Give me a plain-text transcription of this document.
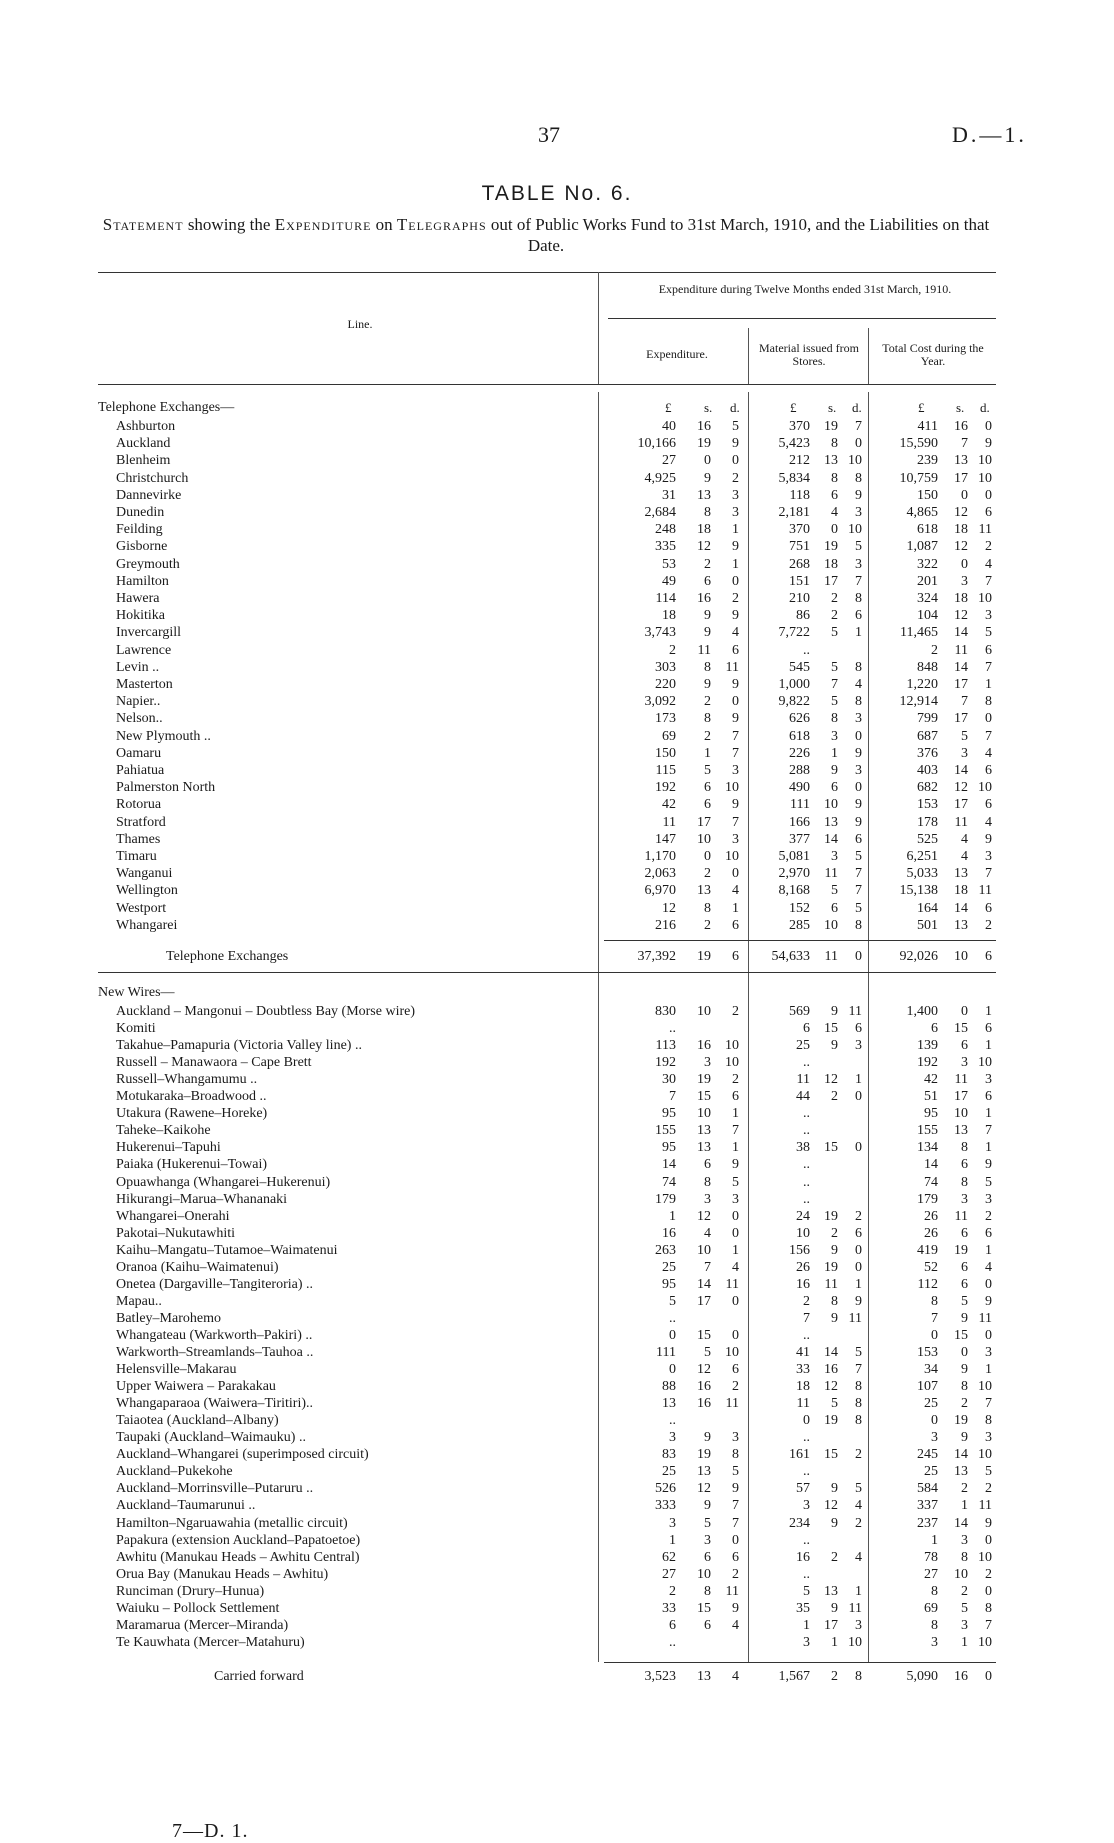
37	D.—1.
TABLE No. 6.
Statement showing the Expenditure on Telegraphs out of Public Works Fund to 31st March, 1910, and the Liabilities on that Date.
Line.
Expenditure during Twelve Months ended 31st March, 1910.
Expenditure.	Material issued from Stores.
Total Cost during the Year.
£	s. d.	£ s. d.	£ s. d.
Telephone Exchanges—
Ashburton	40	16	5	370	19	7	411	16	0
Auckland	10,166	19	9	5,423	8	0	15,590	7	9
Blenheim	27	0	0	212	13 10	239	13 10
Christchurch	4,925	9	2	5,834	8	8	10,759	17 10
Dannevirke	31	13	3	118	6	9	150	0	0
Dunedin	2,684	8	3	2,181	4	3	4,865	12	6
Feilding	248	18	1	370	0 10	618	18 11
Gisborne	335	12	9	751	19	5	1,087	12	2
Greymouth	53	2	1	268	18	3	322	0	4
Hamilton	49	6	0	151	17	7	201	3	7
Hawera	114	16	2	210	2	8	324	18 10
Hokitika	18	9	9	86	2	6	104	12	3
Invercargill	3,743	9	4	7,722	5	1	11,465	14	5
Lawrence	2	11	6	..	2	11	6
Levin ..	303	8	11	545	5	8	848	14	7
Masterton	220	9	9	1,000	7	4	1,220	17	1
Napier..	3,092	2	0	9,822	5	8	12,914	7	8
Nelson..	173	8	9	626	8	3	799	17	0
New Plymouth ..	69	2	7	618	3	0	687	5	7
Oamaru	150	1	7	226	1	9	376	3	4
Pahiatua	115	5	3	288	9	3	403	14	6
Palmerston North	192	6	10	490	6	0	682	12 10
Rotorua	42	6	9	111	10	9	153	17	6
Stratford	11	17	7	166	13	9	178	11	4
Thames	147	10	3	377	14	6	525	4	9
Timaru	1,170	0	10	5,081	3	5	6,251	4	3
Wanganui	2,063	2	0	2,970	11	7	5,033	13	7
Wellington	6,970	13	4	8,168	5	7	15,138	18 11
Westport	12	8	1	152	6	5	164	14	6
Whangarei	216	2	6	285	10	8	501	13	2
Telephone Exchanges	37,392	19	6	54,633	11	0	92,026	10	6
New Wires—
Auckland – Mangonui – Doubtless Bay (Morse wire)	830	10	2	569	9 11	1,400	0	1
Komiti	..	6	15	6	6	15	6
Takahue–Pamapuria (Victoria Valley line) ..	113	16	10	25	9	3	139	6	1
Russell – Manawaora – Cape Brett	192	3	10	..	192	3 10
Russell–Whangamumu ..	30	19	2	11	12	1	42	11	3
Motukaraka–Broadwood ..	7	15	6	44	2	0	51	17	6
Utakura (Rawene–Horeke)	95	10	1	..	95	10	1
Taheke–Kaikohe	155	13	7	..	155	13	7
Hukerenui–Tapuhi	95	13	1	38	15	0	134	8	1
Paiaka (Hukerenui–Towai)	14	6	9	..	14	6	9
Opuawhanga (Whangarei–Hukerenui)	74	8	5	..	74	8	5
Hikurangi–Marua–Whananaki	179	3	3	..	179	3	3
Whangarei–Onerahi	1	12	0	24	19	2	26	11	2
Pakotai–Nukutawhiti	16	4	0	10	2	6	26	6	6
Kaihu–Mangatu–Tutamoe–Waimatenui	263	10	1	156	9	0	419	19	1
Oranoa (Kaihu–Waimatenui)	25	7	4	26	19	0	52	6	4
Onetea (Dargaville–Tangiteroria) ..	95	14	11	16	11	1	112	6	0
Mapau..	5	17	0	2	8	9	8	5	9
Batley–Marohemo	..	7	9 11	7	9 11
Whangateau (Warkworth–Pakiri) ..	0	15	0	..	0	15	0
Warkworth–Streamlands–Tauhoa ..	111	5	10	41	14	5	153	0	3
Helensville–Makarau	0	12	6	33	16	7	34	9	1
Upper Waiwera – Parakakau	88	16	2	18	12	8	107	8 10
Whangaparaoa (Waiwera–Tiritiri)..	13	16	11	11	5	8	25	2	7
Taiaotea (Auckland–Albany)	..	0	19	8	0	19	8
Taupaki (Auckland–Waimauku) ..	3	9	3	..	3	9	3
Auckland–Whangarei (superimposed circuit)	83	19	8	161	15	2	245	14 10
Auckland–Pukekohe	25	13	5	..	25	13	5
Auckland–Morrinsville–Putaruru ..	526	12	9	57	9	5	584	2	2
Auckland–Taumarunui ..	333	9	7	3	12	4	337	1 11
Hamilton–Ngaruawahia (metallic circuit)	3	5	7	234	9	2	237	14	9
Papakura (extension Auckland–Papatoetoe)	1	3	0	..	1	3	0
Awhitu (Manukau Heads – Awhitu Central)	62	6	6	16	2	4	78	8 10
Orua Bay (Manukau Heads – Awhitu)	27	10	2	..	27	10	2
Runciman (Drury–Hunua)	2	8	11	5	13	1	8	2	0
Waiuku – Pollock Settlement	33	15	9	35	9 11	69	5	8
Maramarua (Mercer–Miranda)	6	6	4	1	17	3	8	3	7
Te Kauwhata (Mercer–Matahuru)	..	3	1 10	3	1 10
Carried forward	3,523	13	4	1,567	2	8	5,090	16	0
7—D. 1.
